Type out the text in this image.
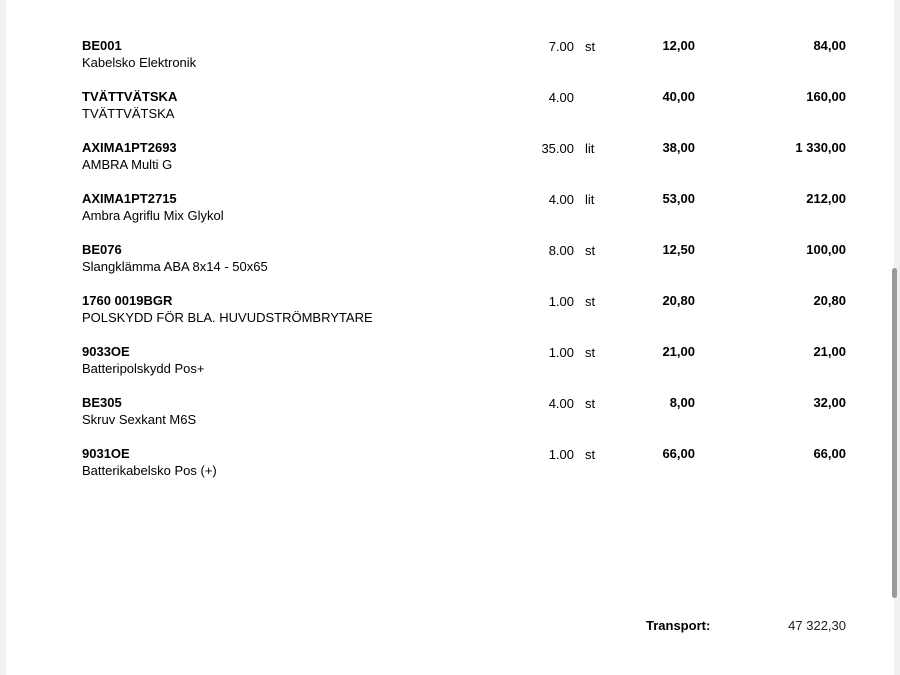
BE001
Kabelsko Elektronik
7.00 st	12,00	84,00
TVÄTTVÄTSKA
TVÄTTVÄTSKA
4.00	40,00	160,00
AXIMA1PT2693
AMBRA Multi G
35.00 lit	38,00	1 330,00
AXIMA1PT2715
Ambra Agriflu Mix Glykol
4.00 lit	53,00	212,00
BE076
Slangklämma ABA 8x14 - 50x65
8.00 st	12,50	100,00
1760 0019BGR
POLSKYDD FÖR BLA. HUVUDSTRÖMBRYTARE
1.00 st	20,80	20,80
9033OE
Batteripolskydd Pos+
1.00 st	21,00	21,00
BE305
Skruv Sexkant M6S
4.00 st	8,00	32,00
9031OE
Batterikabelsko Pos (+)
1.00 st	66,00	66,00
Transport:	47 322,30
